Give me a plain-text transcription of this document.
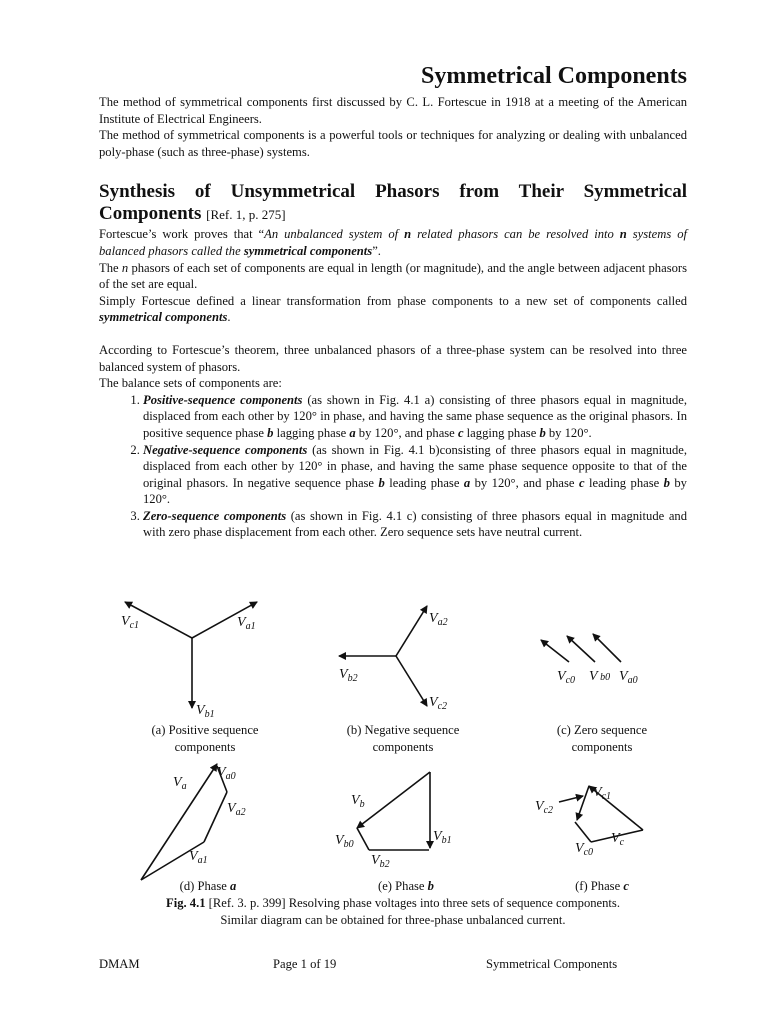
Symmetrical Components

The method of symmetrical components first discussed by C. L. Fortescue in 1918 at a meeting of the American Institute of Electrical Engineers.

The method of symmetrical components is a powerful tools or techniques for analyzing or dealing with unbalanced poly-phase (such as three-phase) systems.

Synthesis of Unsymmetrical Phasors from Their Symmetrical
Components [Ref. 1, p. 275]

Fortescue’s work proves that “An unbalanced system of n related phasors can be resolved into n systems of balanced phasors called the symmetrical components”.

The n phasors of each set of components are equal in length (or magnitude), and the angle between adjacent phasors of the set are equal.

Simply Fortescue defined a linear transformation from phase components to a new set of components called symmetrical components.

According to Fortescue’s theorem, three unbalanced phasors of a three-phase system can be resolved into three balanced system of phasors.

The balance sets of components are:

1. Positive-sequence components (as shown in Fig. 4.1 a) consisting of three phasors equal in magnitude, displaced from each other by 120° in phase, and having the same phase sequence as the original phasors. In positive sequence phase b lagging phase a by 120°, and phase c lagging phase b by 120°.
2. Negative-sequence components (as shown in Fig. 4.1 b)consisting of three phasors equal in magnitude, displaced from each other by 120° in phase, and having the same phase sequence opposite to that of the original phasors. In negative sequence phase b leading phase a by 120°, and phase c leading phase b by 120°.
3. Zero-sequence components (as shown in Fig. 4.1 c) consisting of three phasors equal in magnitude and with zero phase displacement from each other. Zero sequence sets have neutral current.
$V_{c1}$	$V_{a1}$
$V_{b1}$
$V_{a2}$
$V_{b2}$
$V_{c2}$
$V_{c0}$ V $_{b0}$ $V_{a0}$
$V_a$
$V_{a0}$
$V_{a2}$
$V_{a1}$
$V_b$
$V_{b1}$
$V_{b0}$
$V_{b2}$
$V_{c1}$
$V_{c2}$
$V_c$
$V_{c0}$
(a) Positive sequence
components
(b) Negative sequence
components
(c) Zero sequence
components
(d) Phase a	(e) Phase b	(f) Phase c
Fig. 4.1 [Ref. 3. p. 399] Resolving phase voltages into three sets of sequence components.
Similar diagram can be obtained for three-phase unbalanced current.
DMAM	Page 1 of 19	Symmetrical Components
